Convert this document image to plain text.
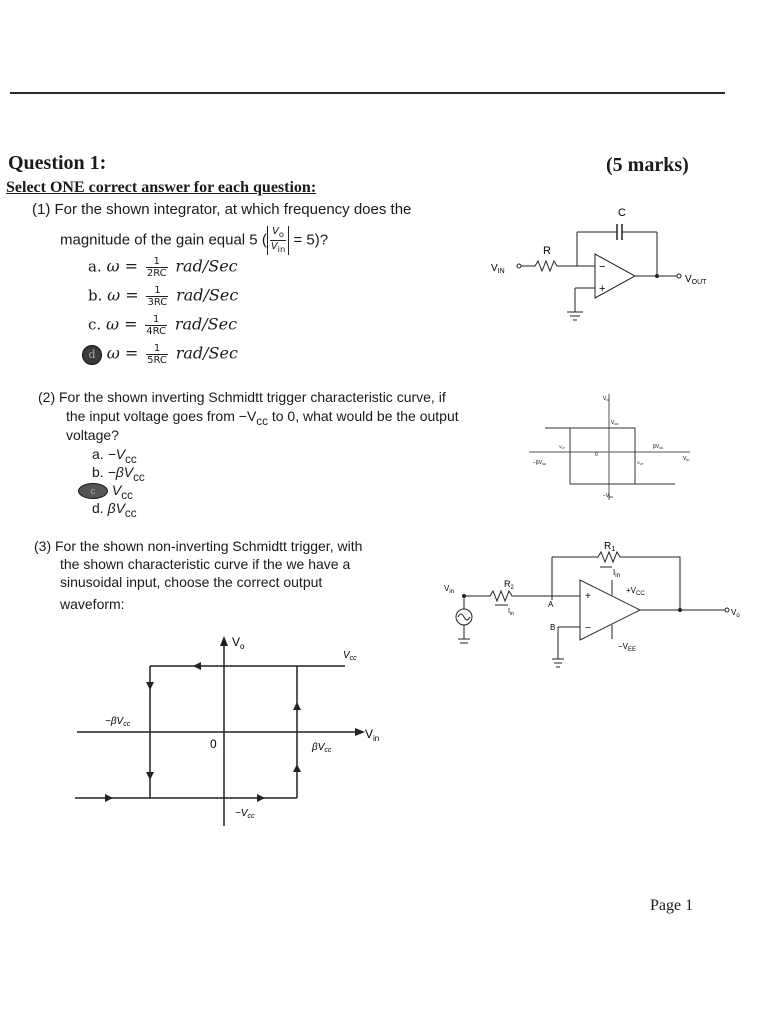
Question 1:	(5 marks)
Select ONE correct answer for each question:
(1) For the shown integrator, at which frequency does the
magnitude of the gain equal 5 ( $\frac{V_o}{V_{in}} = 5$)?
a. $\omega = \frac{1}{2RC} rad/Sec$
b. $\omega = \frac{1}{3RC} rad/Sec$
c. $\omega = \frac{1}{4RC} rad/Sec$
d $\omega = \frac{1}{5RC} rad/Sec$
C
R
$V_{IN}$	−
+
$V_{OUT}$
(2) For the shown inverting Schmidtt trigger characteristic curve, if
the input voltage goes from $-V_{cc}$ to 0, what would be the output
voltage?
a. $-V_{cc}$
b. $-\beta V_{cc}$
c	$V_{cc}$
d. $\beta V_{cc}$
$V_o$
$V_{in}$
$V_{cc}$
$-V_{cc}$
$\beta V_{cc}$
$-\beta V_{cc}$	$V_{UT}$
$V_{LT}$
0
(3) For the shown non-inverting Schmidtt trigger, with
the shown characteristic curve if the we have a
sinusoidal input, choose the correct output
waveform:
$R_1$
$I_{in}$
$V_{in}$
$R_2$
$I_{in}$
A
+
−
$+V_{CC}$
$-V_{EE}$
$V_o$
B
$V_o$
$V_{in}$
$V_{cc}$
$-\beta V_{cc}$
0	$\beta V_{cc}$
$-V_{cc}$
Page 1
